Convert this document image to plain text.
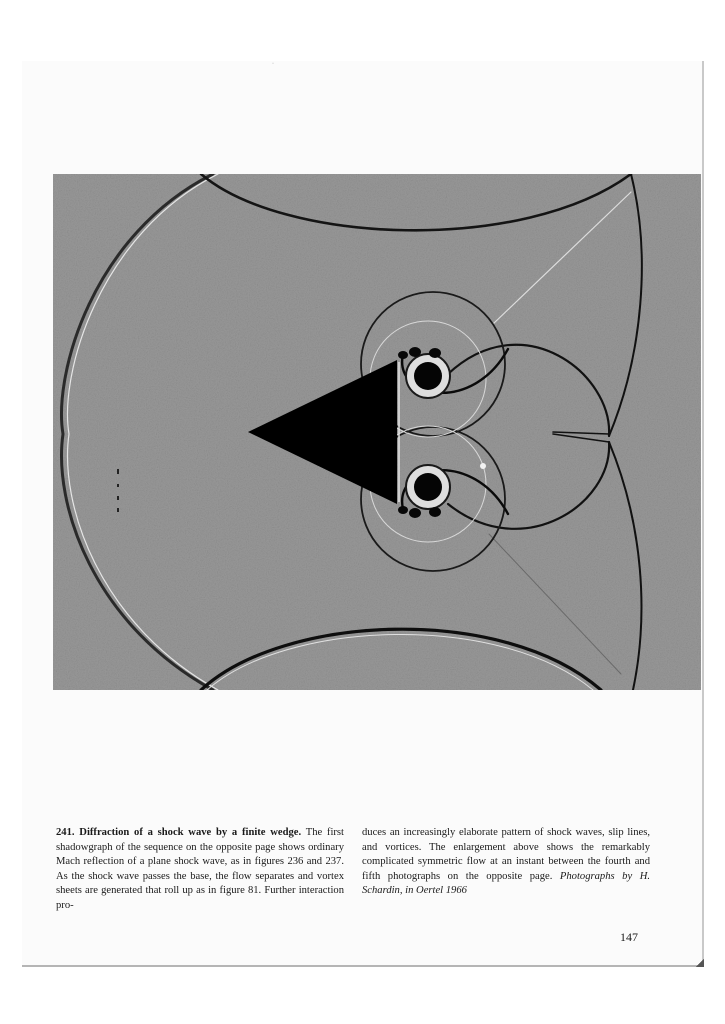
·
241. Diffraction of a shock wave by a finite wedge. The first shadowgraph of the sequence on the opposite page shows ordinary Mach reflection of a plane shock wave, as in figures 236 and 237. As the shock wave passes the base, the flow separates and vortex sheets are generated that roll up as in figure 81. Further interaction pro-
duces an increasingly elaborate pattern of shock waves, slip lines, and vortices. The enlargement above shows the remarkably complicated symmetric flow at an instant between the fourth and fifth photographs on the opposite page. Photographs by H. Schardin, in Oertel 1966
147
